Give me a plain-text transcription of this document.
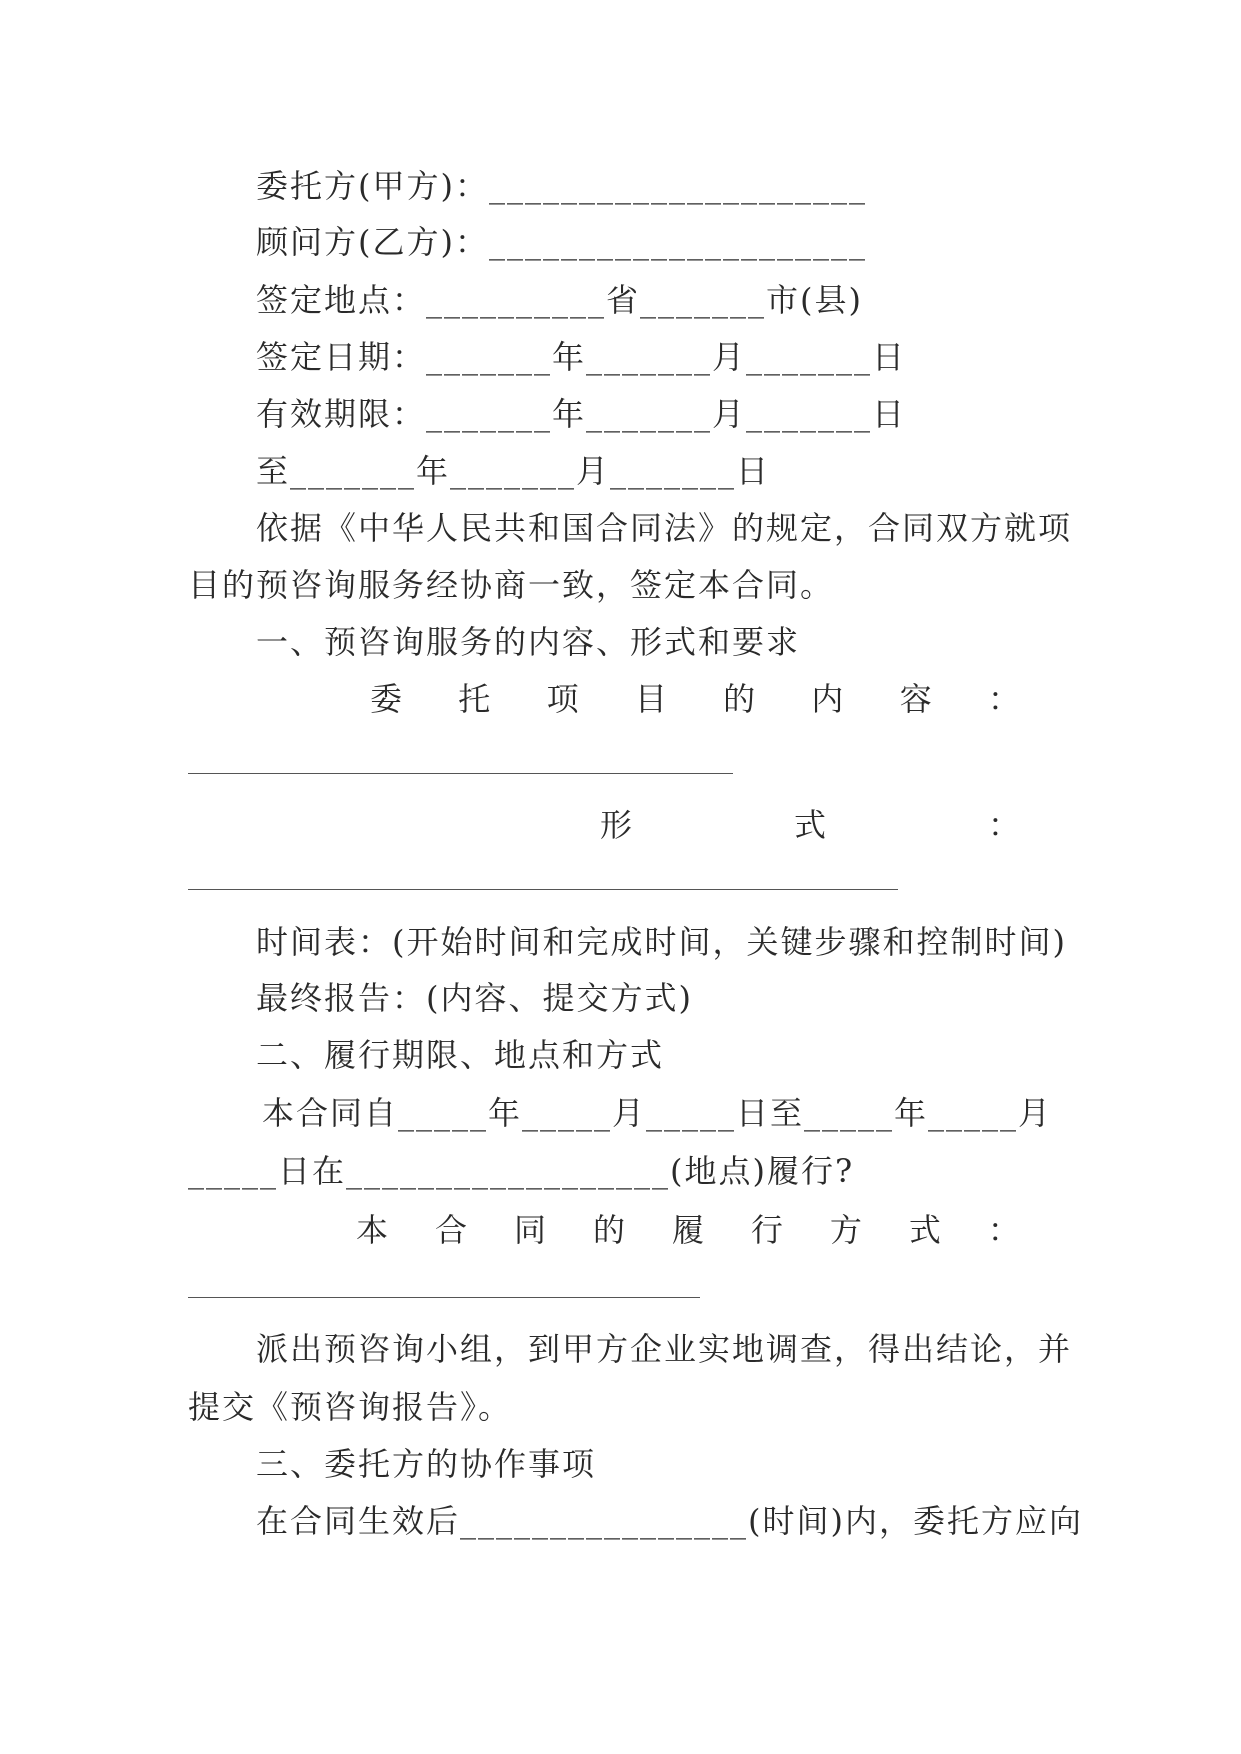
委托方(甲方)：_____________________
顾问方(乙方)：_____________________
签定地点：__________省_______市(县)
签定日期：_______年_______月_______日
有效期限：_______年_______月_______日
至_______年_______月_______日
依据《中华人民共和国合同法》的规定，合同双方就项
目的预咨询服务经协商一致，签定本合同。
一、预咨询服务的内容、形式和要求
委 托 项 目 的 内 容 ：
形	式	：
时间表：(开始时间和完成时间，关键步骤和控制时间)
最终报告：(内容、提交方式)
二、履行期限、地点和方式
本合同自_____年_____月_____日至_____年_____月
_____日在__________________(地点)履行?
本 合 同 的 履 行 方 式 ：
派出预咨询小组，到甲方企业实地调查，得出结论，并
提交《预咨询报告》。
三、委托方的协作事项
在合同生效后________________(时间)内，委托方应向
